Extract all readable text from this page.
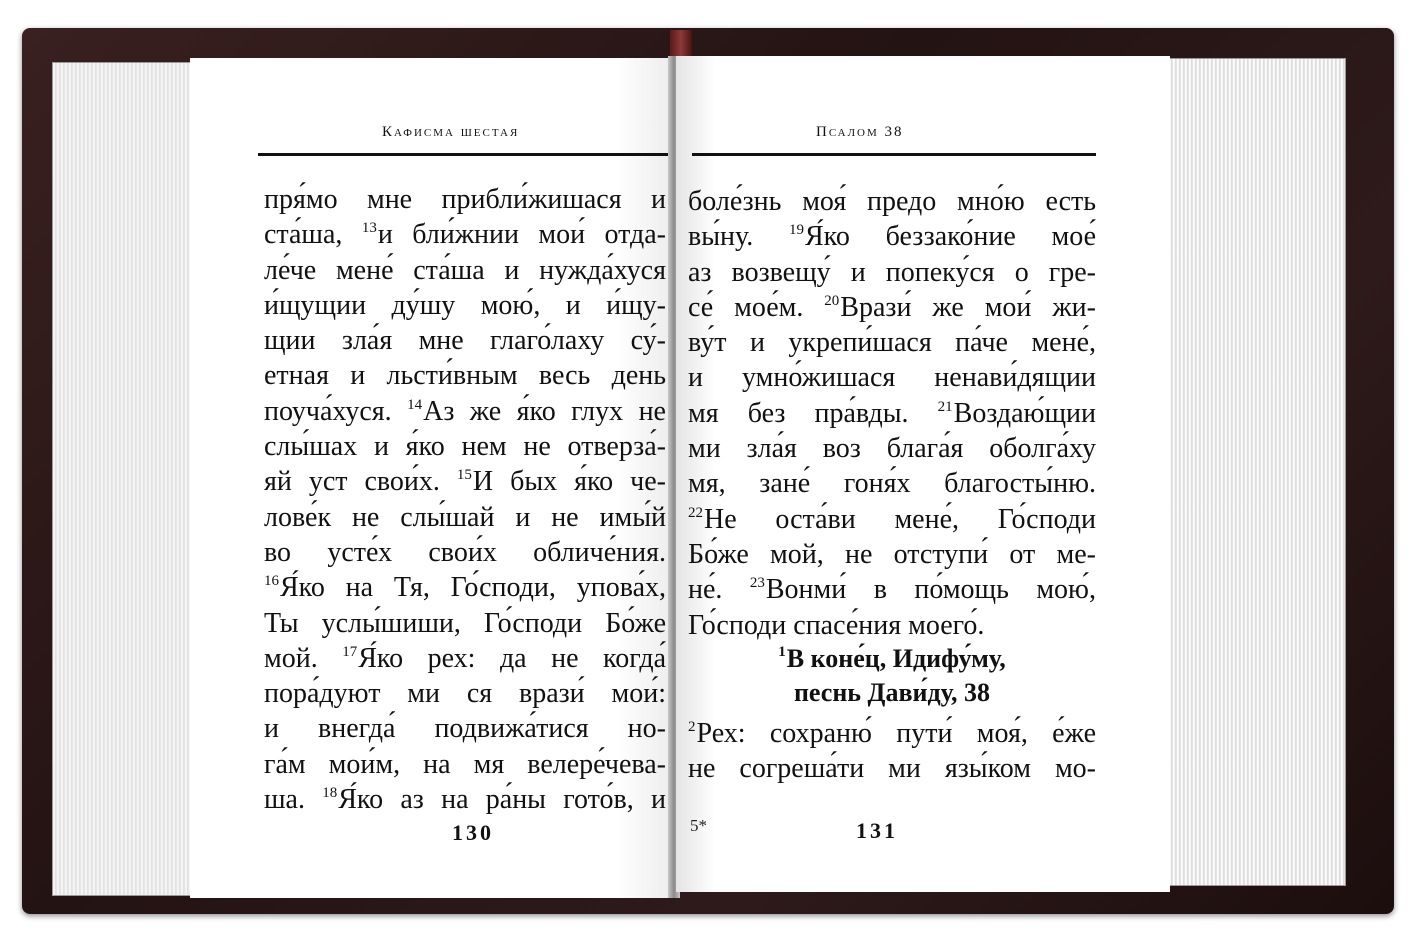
Кафисма шестая
пря́мо мне прибли́жишася и
ста́ша, $^{13}$и бли́жнии мои́ отда-
ле́че мене́ ста́ша и нужда́хуся
и́щущии ду́шу мою́, и и́щу-
щии зла́я мне глаго́лаху су́-
етная и льсти́вным весь день
поуча́хуся. $^{14}$Аз же я́ко глух не
слы́шах и я́ко нем не отверза́-
яй уст свои́х. $^{15}$И бых я́ко че-
лове́к не слы́шай и не имы́й
во усте́х свои́х обличе́ния.
$^{16}$Я́ко на Тя, Го́споди, упова́х,
Ты услы́шиши, Го́споди Бо́же
мой. $^{17}$Я́ко рех: да не когда́
пора́дуют ми ся врази́ мои́:
и внегда́ подвижа́тися но-
га́м мои́м, на мя велере́чева-
ша. $^{18}$Я́ко аз на ра́ны гото́в, и
130
Псалом 38
боле́знь моя́ предо мно́ю есть
вы́ну. $^{19}$Я́ко беззако́ние мое́
аз возвещу́ и попеку́ся о гре-
се́ мое́м. $^{20}$Врази́ же мои́ жи-
ву́т и укрепи́шася па́че мене́,
и умно́жишася ненави́дящии
мя без пра́вды. $^{21}$Воздаю́щии
ми зла́я воз блага́я оболга́ху
мя, зане́ гоня́х благосты́ню.
$^{22}$Не оста́ви мене́, Го́споди
Бо́же мой, не отступи́ от ме-
не́. $^{23}$Вонми́ в по́мощь мою́,
Го́споди спасе́ния моего́.
$^1$В коне́ц, Идифу́му,
песнь Дави́ду, 38
$^2$Рех: сохраню́ пути́ моя́, е́же
не согреша́ти ми язы́ком мо-
5*	131
